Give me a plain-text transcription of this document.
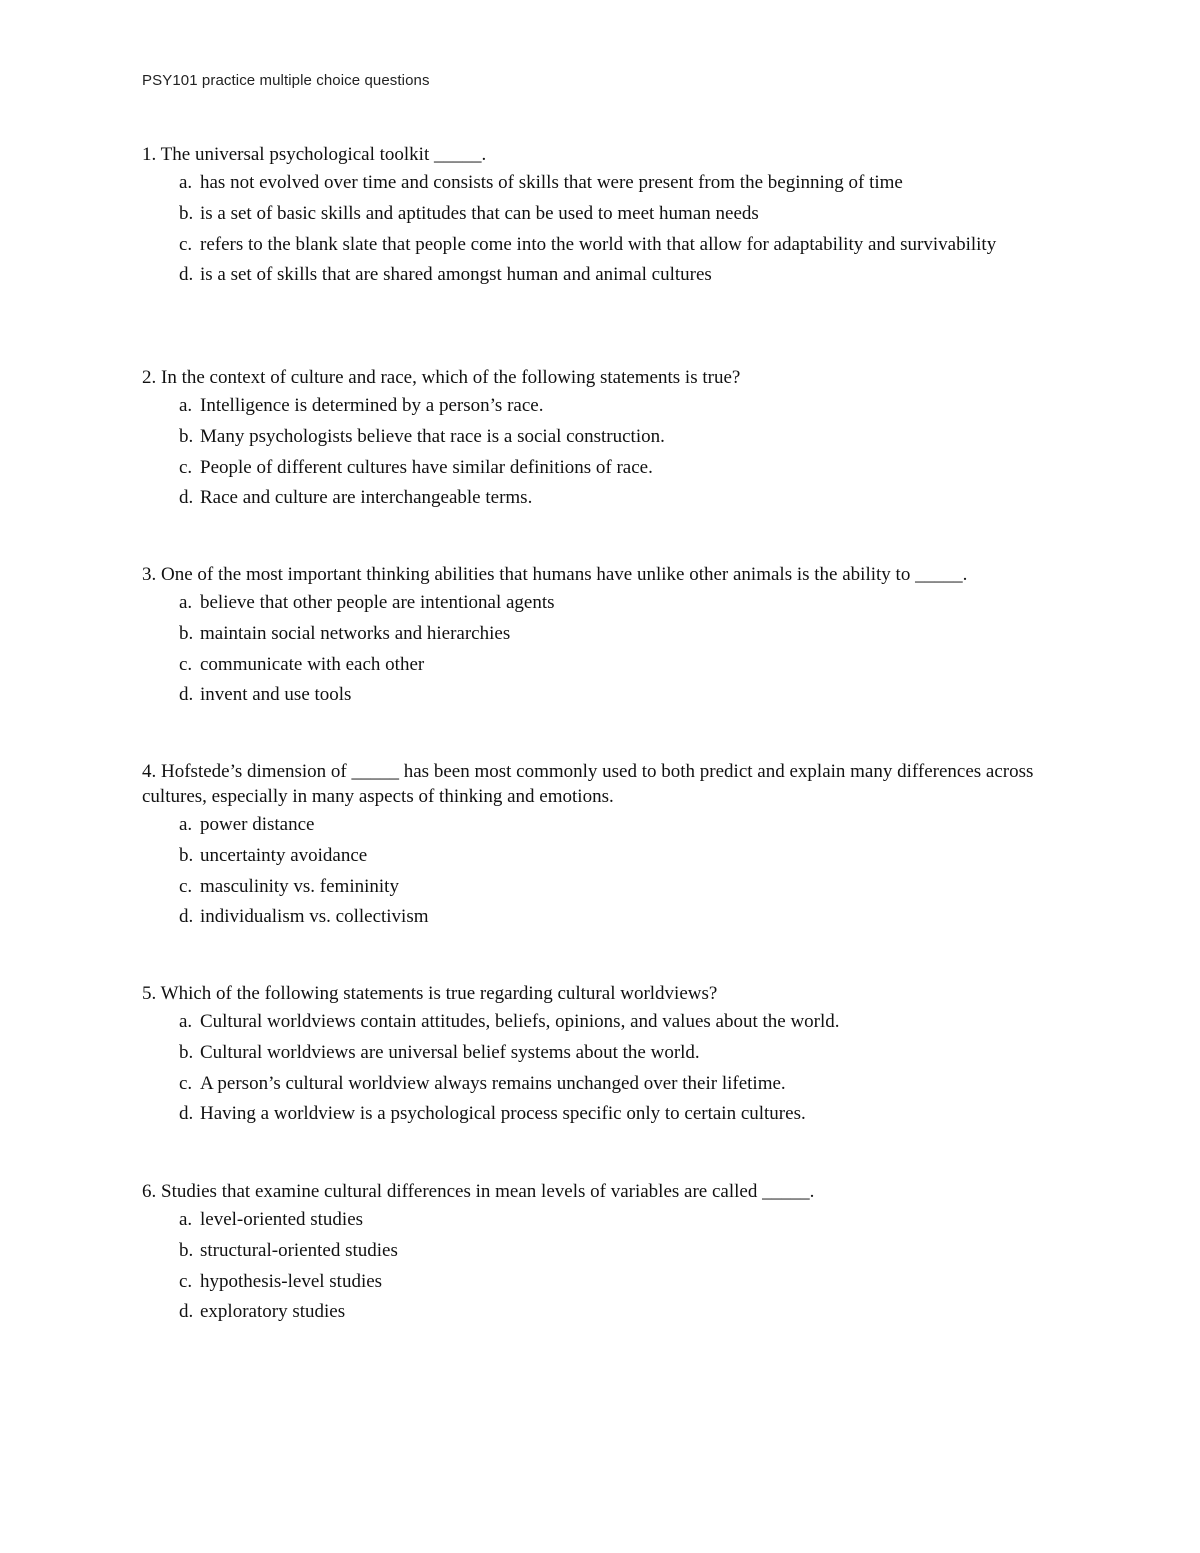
PSY101 practice multiple choice questions
1. The universal psychological toolkit _____.
a. has not evolved over time and consists of skills that were present from the beginning of time
b. is a set of basic skills and aptitudes that can be used to meet human needs
c. refers to the blank slate that people come into the world with that allow for adaptability and survivability
d. is a set of skills that are shared amongst human and animal cultures
2. In the context of culture and race, which of the following statements is true?
a. Intelligence is determined by a person’s race.
b. Many psychologists believe that race is a social construction.
c. People of different cultures have similar definitions of race.
d. Race and culture are interchangeable terms.
3. One of the most important thinking abilities that humans have unlike other animals is the ability to _____.
a. believe that other people are intentional agents
b. maintain social networks and hierarchies
c. communicate with each other
d. invent and use tools
4. Hofstede’s dimension of _____ has been most commonly used to both predict and explain many differences across cultures, especially in many aspects of thinking and emotions.
a. power distance
b. uncertainty avoidance
c. masculinity vs. femininity
d. individualism vs. collectivism
5. Which of the following statements is true regarding cultural worldviews?
a. Cultural worldviews contain attitudes, beliefs, opinions, and values about the world.
b. Cultural worldviews are universal belief systems about the world.
c. A person’s cultural worldview always remains unchanged over their lifetime.
d. Having a worldview is a psychological process specific only to certain cultures.
6. Studies that examine cultural differences in mean levels of variables are called _____.
a. level-oriented studies
b. structural-oriented studies
c. hypothesis-level studies
d. exploratory studies
